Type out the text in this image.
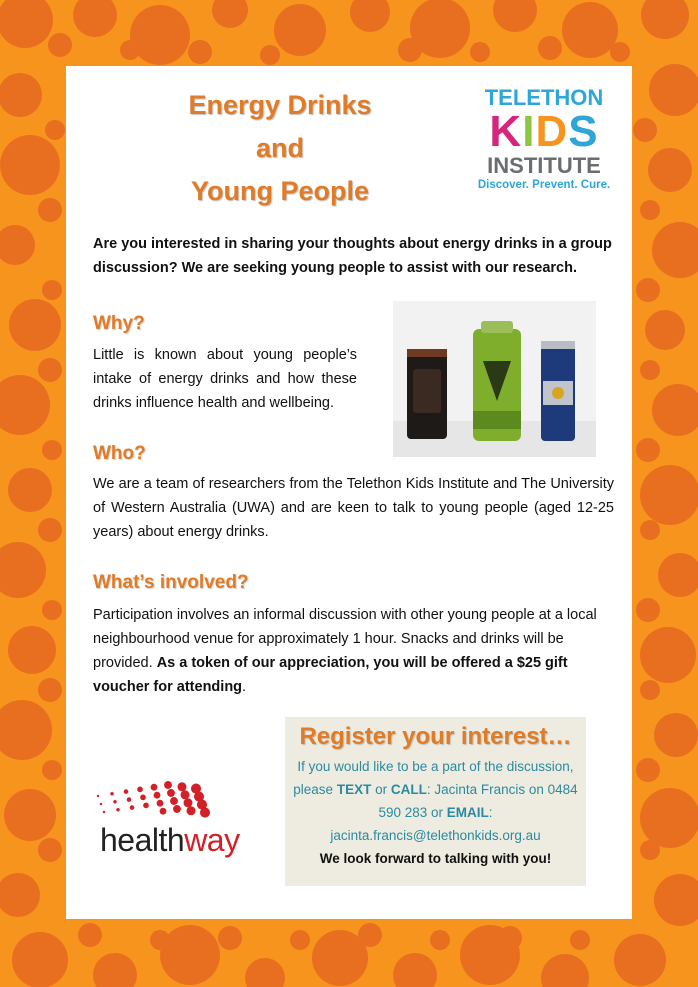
Energy Drinks
and
Young People
TELETHON
KIDS
INSTITUTE
Discover. Prevent. Cure.
Are you interested in sharing your thoughts about energy drinks in a group discussion? We are seeking young people to assist with our research.
Why?
Little is known about young people’s intake of energy drinks and how these drinks influence health and wellbeing.
Who?
We are a team of researchers from the Telethon Kids Institute and The University of Western Australia (UWA) and are keen to talk to young people (aged 12-25 years) about energy drinks.
What’s involved?
Participation involves an informal discussion with other young people at a local neighbourhood venue for approximately 1 hour. Snacks and drinks will be provided. As a token of our appreciation, you will be offered a $25 gift voucher for attending.
Register your interest…
If you would like to be a part of the discussion, please TEXT or CALL: Jacinta Francis on 0484 590 283 or EMAIL:
jacinta.francis@telethonkids.org.au
We look forward to talking with you!
healthway
